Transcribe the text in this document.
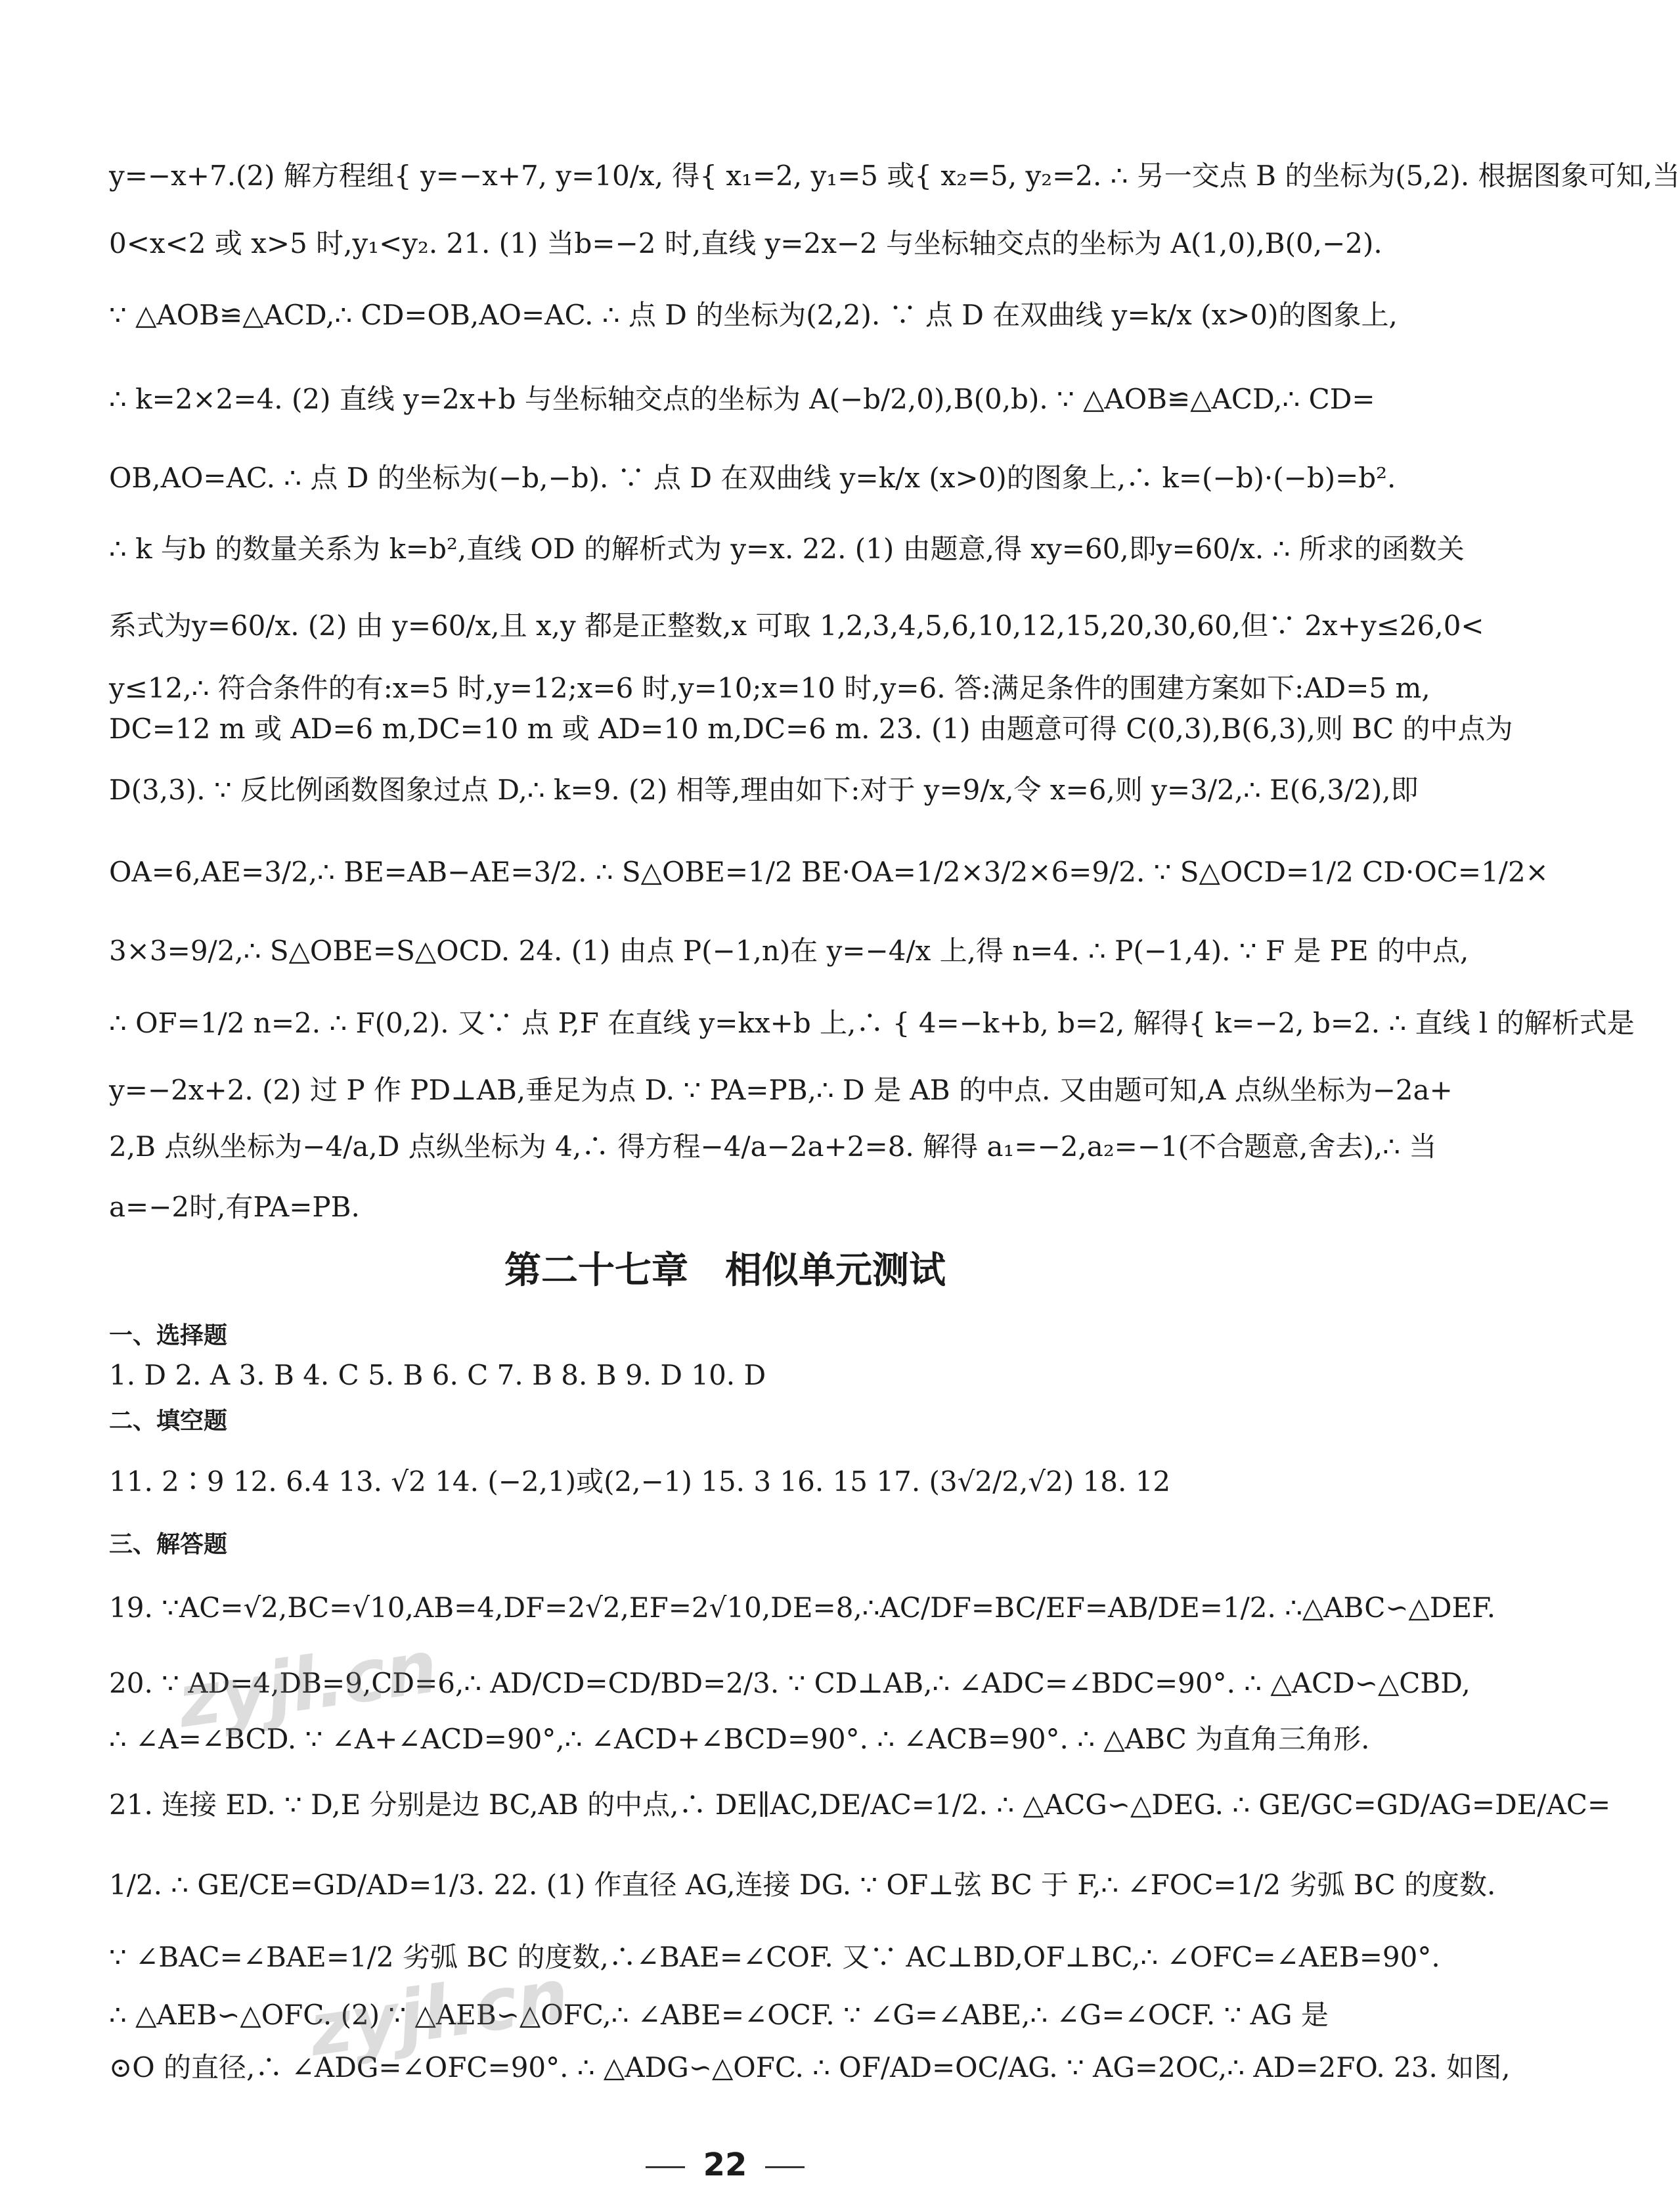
y=−x+7.(2) 解方程组{ y=−x+7, y=10/x, 得{ x₁=2, y₁=5 或{ x₂=5, y₂=2. ∴ 另一交点 B 的坐标为(5,2). 根据图象可知,当
0<x<2 或 x>5 时,y₁<y₂. 21. (1) 当b=−2 时,直线 y=2x−2 与坐标轴交点的坐标为 A(1,0),B(0,−2).
∵ △AOB≌△ACD,∴ CD=OB,AO=AC. ∴ 点 D 的坐标为(2,2). ∵ 点 D 在双曲线 y=k/x (x>0)的图象上,
∴ k=2×2=4. (2) 直线 y=2x+b 与坐标轴交点的坐标为 A(−b/2,0),B(0,b). ∵ △AOB≌△ACD,∴ CD=
OB,AO=AC. ∴ 点 D 的坐标为(−b,−b). ∵ 点 D 在双曲线 y=k/x (x>0)的图象上,∴ k=(−b)·(−b)=b².
∴ k 与b 的数量关系为 k=b²,直线 OD 的解析式为 y=x. 22. (1) 由题意,得 xy=60,即y=60/x. ∴ 所求的函数关
系式为y=60/x. (2) 由 y=60/x,且 x,y 都是正整数,x 可取 1,2,3,4,5,6,10,12,15,20,30,60,但∵ 2x+y≤26,0<
y≤12,∴ 符合条件的有:x=5 时,y=12;x=6 时,y=10;x=10 时,y=6. 答:满足条件的围建方案如下:AD=5 m,
DC=12 m 或 AD=6 m,DC=10 m 或 AD=10 m,DC=6 m. 23. (1) 由题意可得 C(0,3),B(6,3),则 BC 的中点为
D(3,3). ∵ 反比例函数图象过点 D,∴ k=9. (2) 相等,理由如下:对于 y=9/x,令 x=6,则 y=3/2,∴ E(6,3/2),即
OA=6,AE=3/2,∴ BE=AB−AE=3/2. ∴ S△OBE=1/2 BE·OA=1/2×3/2×6=9/2. ∵ S△OCD=1/2 CD·OC=1/2×
3×3=9/2,∴ S△OBE=S△OCD. 24. (1) 由点 P(−1,n)在 y=−4/x 上,得 n=4. ∴ P(−1,4). ∵ F 是 PE 的中点,
∴ OF=1/2 n=2. ∴ F(0,2). 又∵ 点 P,F 在直线 y=kx+b 上,∴ { 4=−k+b, b=2, 解得{ k=−2, b=2. ∴ 直线 l 的解析式是
y=−2x+2. (2) 过 P 作 PD⊥AB,垂足为点 D. ∵ PA=PB,∴ D 是 AB 的中点. 又由题可知,A 点纵坐标为−2a+
2,B 点纵坐标为−4/a,D 点纵坐标为 4,∴ 得方程−4/a−2a+2=8. 解得 a₁=−2,a₂=−1(不合题意,舍去),∴ 当
a=−2时,有PA=PB.
第二十七章　相似单元测试
一、选择题
1. D 2. A 3. B 4. C 5. B 6. C 7. B 8. B 9. D 10. D
二、填空题
11. 2∶9 12. 6.4 13. √2 14. (−2,1)或(2,−1) 15. 3 16. 15 17. (3√2/2,√2) 18. 12
三、解答题
19. ∵AC=√2,BC=√10,AB=4,DF=2√2,EF=2√10,DE=8,∴AC/DF=BC/EF=AB/DE=1/2. ∴△ABC∽△DEF.
20. ∵ AD=4,DB=9,CD=6,∴ AD/CD=CD/BD=2/3. ∵ CD⊥AB,∴ ∠ADC=∠BDC=90°. ∴ △ACD∽△CBD,
∴ ∠A=∠BCD. ∵ ∠A+∠ACD=90°,∴ ∠ACD+∠BCD=90°. ∴ ∠ACB=90°. ∴ △ABC 为直角三角形.
21. 连接 ED. ∵ D,E 分别是边 BC,AB 的中点,∴ DE∥AC,DE/AC=1/2. ∴ △ACG∽△DEG. ∴ GE/GC=GD/AG=DE/AC=
1/2. ∴ GE/CE=GD/AD=1/3. 22. (1) 作直径 AG,连接 DG. ∵ OF⊥弦 BC 于 F,∴ ∠FOC=1/2 劣弧 BC 的度数.
∵ ∠BAC=∠BAE=1/2 劣弧 BC 的度数,∴∠BAE=∠COF. 又∵ AC⊥BD,OF⊥BC,∴ ∠OFC=∠AEB=90°.
∴ △AEB∽△OFC. (2) ∵ △AEB∽△OFC,∴ ∠ABE=∠OCF. ∵ ∠G=∠ABE,∴ ∠G=∠OCF. ∵ AG 是
⊙O 的直径,∴ ∠ADG=∠OFC=90°. ∴ △ADG∽△OFC. ∴ OF/AD=OC/AG. ∵ AG=2OC,∴ AD=2FO. 23. 如图,
zyjl.cn
zyjl.cn
22
